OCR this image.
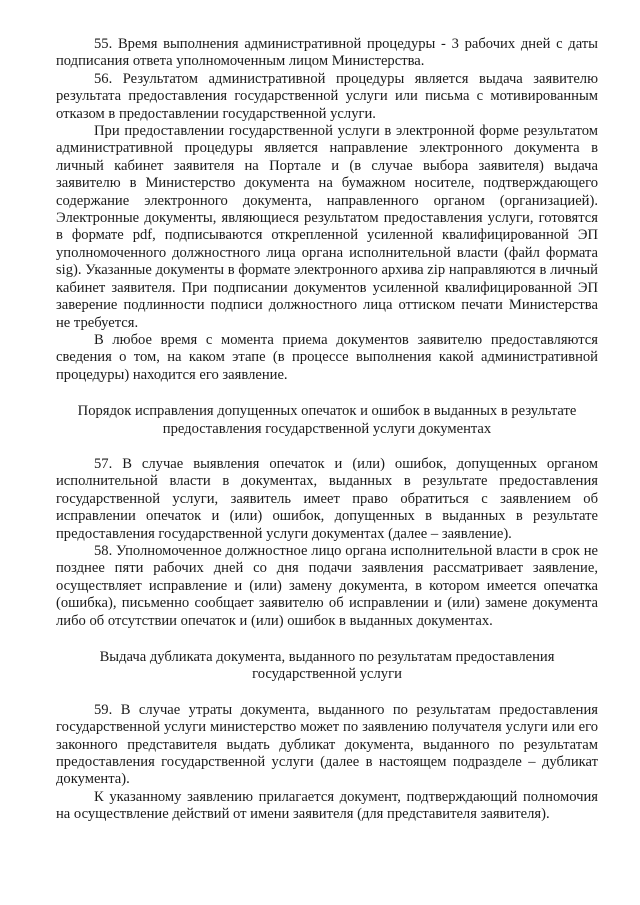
55. Время выполнения административной процедуры - 3 рабочих дней с даты подписания ответа уполномоченным лицом Министерства.

56. Результатом административной процедуры является выдача заявителю результата предоставления государственной услуги или письма с мотивированным отказом в предоставлении государственной услуги.

При предоставлении государственной услуги в электронной форме результатом административной процедуры является направление электронного документа в личный кабинет заявителя на Портале и (в случае выбора заявителя) выдача заявителю в Министерство документа на бумажном носителе, подтверждающего содержание электронного документа, направленного органом (организацией). Электронные документы, являющиеся результатом предоставления услуги, готовятся в формате pdf, подписываются открепленной усиленной квалифицированной ЭП уполномоченного должностного лица органа исполнительной власти (файл формата sig). Указанные документы в формате электронного архива zip направляются в личный кабинет заявителя. При подписании документов усиленной квалифицированной ЭП заверение подлинности подписи должностного лица оттиском печати Министерства не требуется.

В любое время с момента приема документов заявителю предоставляются сведения о том, на каком этапе (в процессе выполнения какой административной процедуры) находится его заявление.

Порядок исправления допущенных опечаток и ошибок в выданных в результате предоставления государственной услуги документах

57. В случае выявления опечаток и (или) ошибок, допущенных органом исполнительной власти в документах, выданных в результате предоставления государственной услуги, заявитель имеет право обратиться с заявлением об исправлении опечаток и (или) ошибок, допущенных в выданных в результате предоставления государственной услуги документах (далее – заявление).

58. Уполномоченное должностное лицо органа исполнительной власти в срок не позднее пяти рабочих дней со дня подачи заявления рассматривает заявление, осуществляет исправление и (или) замену документа, в котором имеется опечатка (ошибка), письменно сообщает заявителю об исправлении и (или) замене документа либо об отсутствии опечаток и (или) ошибок в выданных документах.

Выдача дубликата документа, выданного по результатам предоставления государственной услуги

59. В случае утраты документа, выданного по результатам предоставления государственной услуги министерство может по заявлению получателя услуги или его законного представителя выдать дубликат документа, выданного по результатам предоставления государственной услуги (далее в настоящем подразделе – дубликат документа).

К указанному заявлению прилагается документ, подтверждающий полномочия на осуществление действий от имени заявителя (для представителя заявителя).
